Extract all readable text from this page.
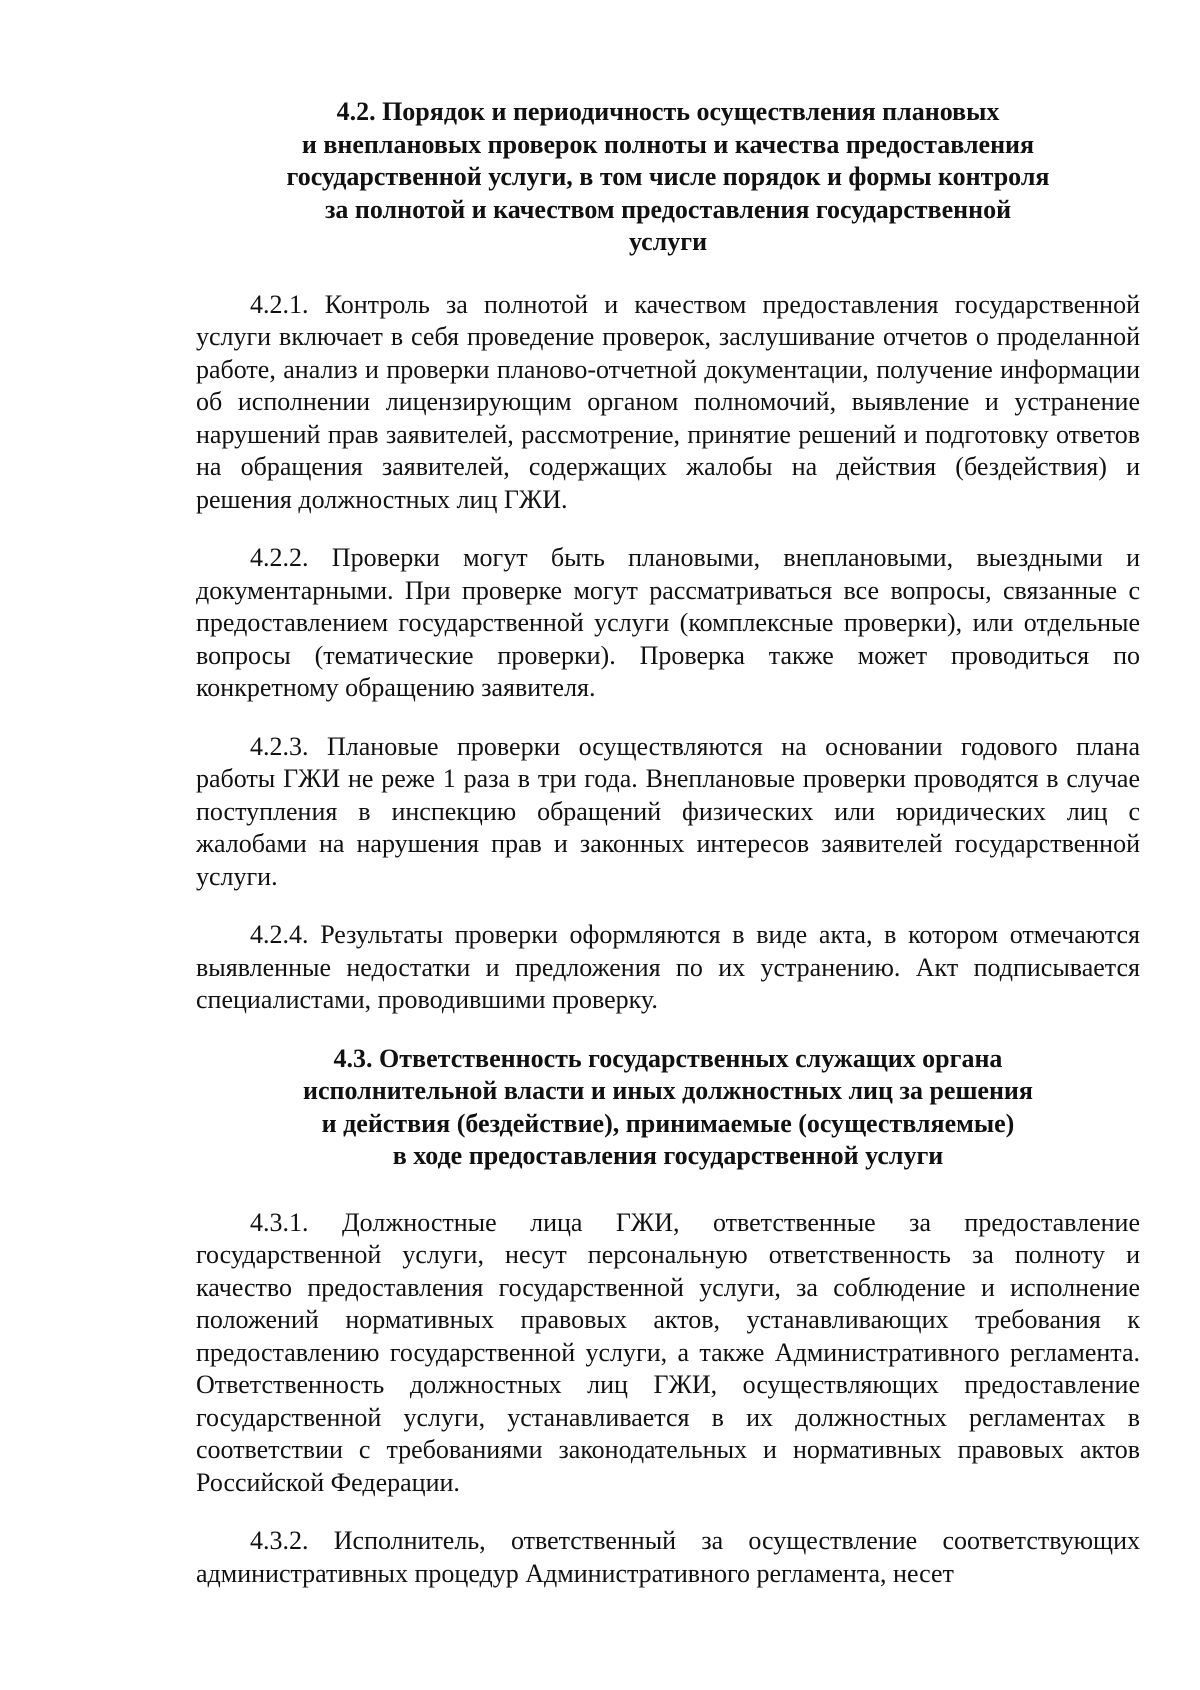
4.2. Порядок и периодичность осуществления плановых
и внеплановых проверок полноты и качества предоставления
государственной услуги, в том числе порядок и формы контроля
за полнотой и качеством предоставления государственной
услуги

4.2.1. Контроль за полнотой и качеством предоставления государственной услуги включает в себя проведение проверок, заслушивание отчетов о проделанной работе, анализ и проверки планово-отчетной документации, получение информации об исполнении лицензирующим органом полномочий, выявление и устранение нарушений прав заявителей, рассмотрение, принятие решений и подготовку ответов на обращения заявителей, содержащих жалобы на действия (бездействия) и решения должностных лиц ГЖИ.

4.2.2. Проверки могут быть плановыми, внеплановыми, выездными и документарными. При проверке могут рассматриваться все вопросы, связанные с предоставлением государственной услуги (комплексные проверки), или отдельные вопросы (тематические проверки). Проверка также может проводиться по конкретному обращению заявителя.

4.2.3. Плановые проверки осуществляются на основании годового плана работы ГЖИ не реже 1 раза в три года. Внеплановые проверки проводятся в случае поступления в инспекцию обращений физических или юридических лиц с жалобами на нарушения прав и законных интересов заявителей государственной услуги.

4.2.4. Результаты проверки оформляются в виде акта, в котором отмечаются выявленные недостатки и предложения по их устранению. Акт подписывается специалистами, проводившими проверку.

4.3. Ответственность государственных служащих органа
исполнительной власти и иных должностных лиц за решения
и действия (бездействие), принимаемые (осуществляемые)
в ходе предоставления государственной услуги

4.3.1. Должностные лица ГЖИ, ответственные за предоставление государственной услуги, несут персональную ответственность за полноту и качество предоставления государственной услуги, за соблюдение и исполнение положений нормативных правовых актов, устанавливающих требования к предоставлению государственной услуги, а также Административного регламента. Ответственность должностных лиц ГЖИ, осуществляющих предоставление государственной услуги, устанавливается в их должностных регламентах в соответствии с требованиями законодательных и нормативных правовых актов Российской Федерации.

4.3.2. Исполнитель, ответственный за осуществление соответствующих административных процедур Административного регламента, несет
